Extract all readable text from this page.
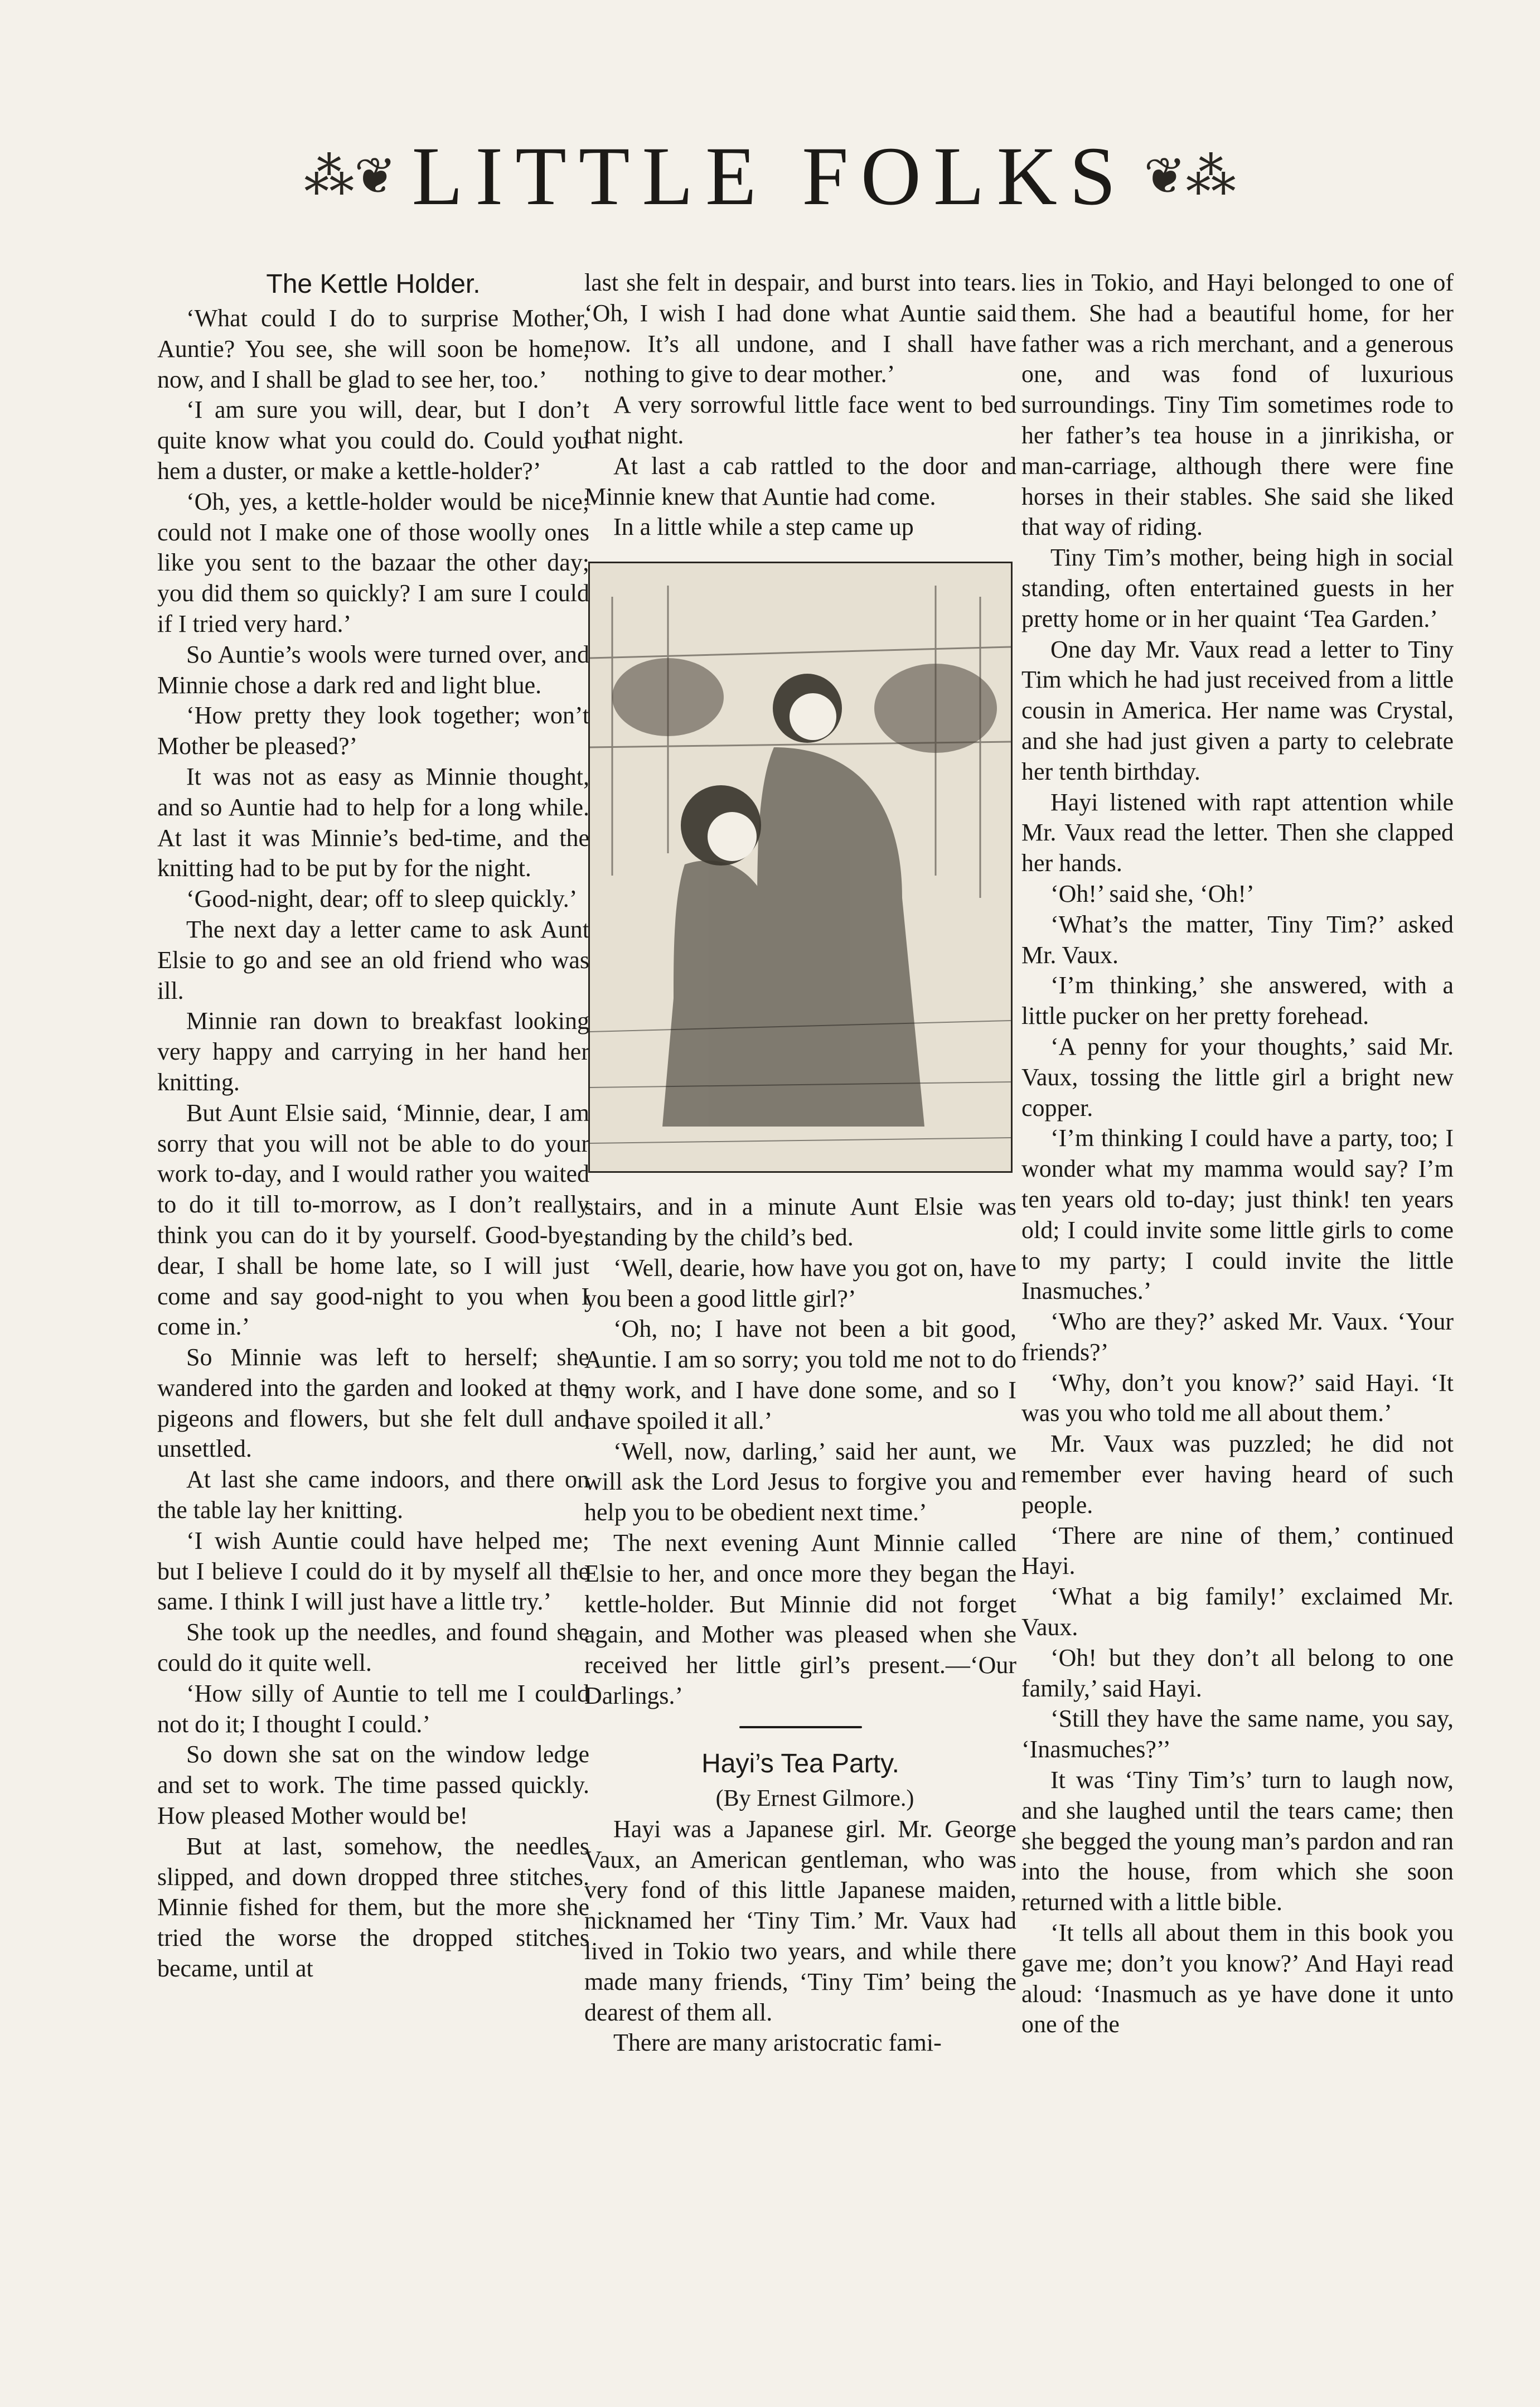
⁂❦ LITTLE FOLKS ❦⁂
The Kettle Holder.

‘What could I do to surprise Mother, Auntie? You see, she will soon be home, now, and I shall be glad to see her, too.’

‘I am sure you will, dear, but I don’t quite know what you could do. Could you hem a duster, or make a kettle-holder?’

‘Oh, yes, a kettle-holder would be nice; could not I make one of those woolly ones like you sent to the bazaar the other day; you did them so quickly? I am sure I could if I tried very hard.’

So Auntie’s wools were turned over, and Minnie chose a dark red and light blue.

‘How pretty they look together; won’t Mother be pleased?’

It was not as easy as Minnie thought, and so Auntie had to help for a long while. At last it was Minnie’s bed-time, and the knitting had to be put by for the night.

‘Good-night, dear; off to sleep quickly.’

The next day a letter came to ask Aunt Elsie to go and see an old friend who was ill.

Minnie ran down to breakfast looking very happy and carrying in her hand her knitting.

But Aunt Elsie said, ‘Minnie, dear, I am sorry that you will not be able to do your work to-day, and I would rather you waited to do it till to-morrow, as I don’t really think you can do it by yourself. Good-bye, dear, I shall be home late, so I will just come and say good-night to you when I come in.’

So Minnie was left to herself; she wandered into the garden and looked at the pigeons and flowers, but she felt dull and unsettled.

At last she came indoors, and there on the table lay her knitting.

‘I wish Auntie could have helped me; but I believe I could do it by myself all the same. I think I will just have a little try.’

She took up the needles, and found she could do it quite well.

‘How silly of Auntie to tell me I could not do it; I thought I could.’

So down she sat on the window ledge and set to work. The time passed quickly. How pleased Mother would be!

But at last, somehow, the needles slipped, and down dropped three stitches. Minnie fished for them, but the more she tried the worse the dropped stitches became, until at

last she felt in despair, and burst into tears. ‘Oh, I wish I had done what Auntie said now. It’s all undone, and I shall have nothing to give to dear mother.’

A very sorrowful little face went to bed that night.

At last a cab rattled to the door and Minnie knew that Auntie had come.

In a little while a step came up

stairs, and in a minute Aunt Elsie was standing by the child’s bed.

‘Well, dearie, how have you got on, have you been a good little girl?’

‘Oh, no; I have not been a bit good, Auntie. I am so sorry; you told me not to do my work, and I have done some, and so I have spoiled it all.’

‘Well, now, darling,’ said her aunt, we will ask the Lord Jesus to forgive you and help you to be obedient next time.’

The next evening Aunt Minnie called Elsie to her, and once more they began the kettle-holder. But Minnie did not forget again, and Mother was pleased when she received her little girl’s present.—‘Our Darlings.’

Hayi’s Tea Party.

(By Ernest Gilmore.)

Hayi was a Japanese girl. Mr. George Vaux, an American gentleman, who was very fond of this little Japanese maiden, nicknamed her ‘Tiny Tim.’ Mr. Vaux had lived in Tokio two years, and while there made many friends, ‘Tiny Tim’ being the dearest of them all.

There are many aristocratic fami-

lies in Tokio, and Hayi belonged to one of them. She had a beautiful home, for her father was a rich merchant, and a generous one, and was fond of luxurious surroundings. Tiny Tim sometimes rode to her father’s tea house in a jinrikisha, or man-carriage, although there were fine horses in their stables. She said she liked that way of riding.

Tiny Tim’s mother, being high in social standing, often entertained guests in her pretty home or in her quaint ‘Tea Garden.’

One day Mr. Vaux read a letter to Tiny Tim which he had just received from a little cousin in America. Her name was Crystal, and she had just given a party to celebrate her tenth birthday.

Hayi listened with rapt attention while Mr. Vaux read the letter. Then she clapped her hands.

‘Oh!’ said she, ‘Oh!’

‘What’s the matter, Tiny Tim?’ asked Mr. Vaux.

‘I’m thinking,’ she answered, with a little pucker on her pretty forehead.

‘A penny for your thoughts,’ said Mr. Vaux, tossing the little girl a bright new copper.

‘I’m thinking I could have a party, too; I wonder what my mamma would say? I’m ten years old to-day; just think! ten years old; I could invite some little girls to come to my party; I could invite the little Inasmuches.’

‘Who are they?’ asked Mr. Vaux. ‘Your friends?’

‘Why, don’t you know?’ said Hayi. ‘It was you who told me all about them.’

Mr. Vaux was puzzled; he did not remember ever having heard of such people.

‘There are nine of them,’ continued Hayi.

‘What a big family!’ exclaimed Mr. Vaux.

‘Oh! but they don’t all belong to one family,’ said Hayi.

‘Still they have the same name, you say, ‘Inasmuches?’’

It was ‘Tiny Tim’s’ turn to laugh now, and she laughed until the tears came; then she begged the young man’s pardon and ran into the house, from which she soon returned with a little bible.

‘It tells all about them in this book you gave me; don’t you know?’ And Hayi read aloud: ‘Inasmuch as ye have done it unto one of the
